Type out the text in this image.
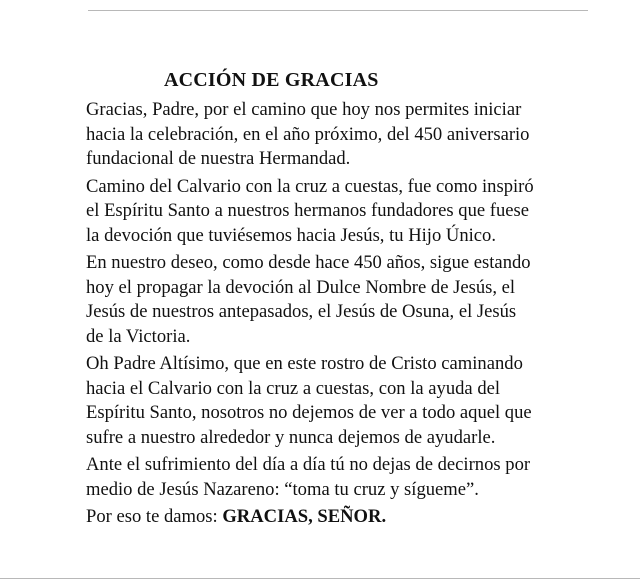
ACCIÓN DE GRACIAS

Gracias, Padre, por el camino que hoy nos permites iniciar
hacia la celebración, en el año próximo, del 450 aniversario
fundacional de nuestra Hermandad.

Camino del Calvario con la cruz a cuestas, fue como inspiró
el Espíritu Santo a nuestros hermanos fundadores que fuese
la devoción que tuviésemos hacia Jesús, tu Hijo Único.

En nuestro deseo, como desde hace 450 años, sigue estando
hoy el propagar la devoción al Dulce Nombre de Jesús, el
Jesús de nuestros antepasados, el Jesús de Osuna, el Jesús
de la Victoria.

Oh Padre Altísimo, que en este rostro de Cristo caminando
hacia el Calvario con la cruz a cuestas, con la ayuda del
Espíritu Santo, nosotros no dejemos de ver a todo aquel que
sufre a nuestro alrededor y nunca dejemos de ayudarle.

Ante el sufrimiento del día a día tú no dejas de decirnos por
medio de Jesús Nazareno: “toma tu cruz y sígueme”.

Por eso te damos: GRACIAS, SEÑOR.
